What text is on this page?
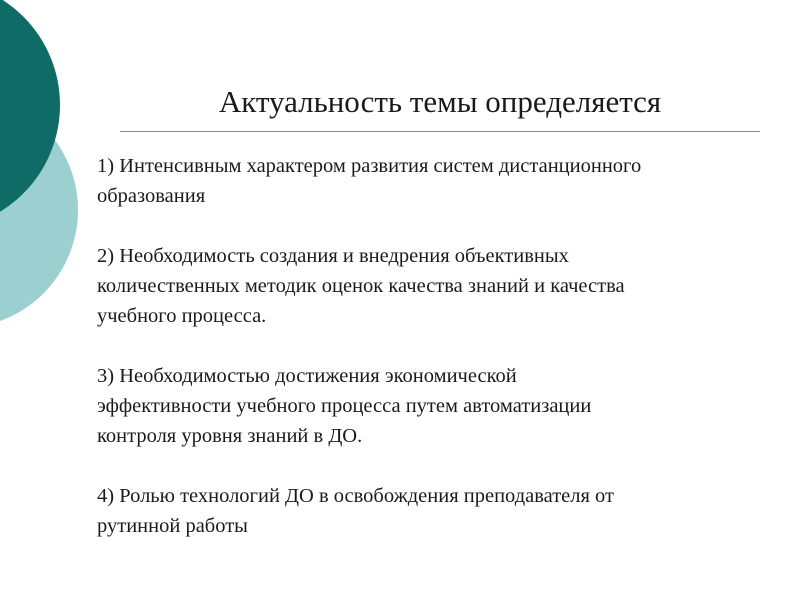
Актуальность темы определяется
1) Интенсивным характером развития систем дистанционного
образования
2) Необходимость создания и внедрения объективных
количественных методик оценок качества знаний и качества
учебного процесса.
3) Необходимостью достижения экономической
эффективности учебного процесса путем автоматизации
контроля уровня знаний в ДО.
4) Ролью технологий ДО в освобождения преподавателя от
рутинной работы
